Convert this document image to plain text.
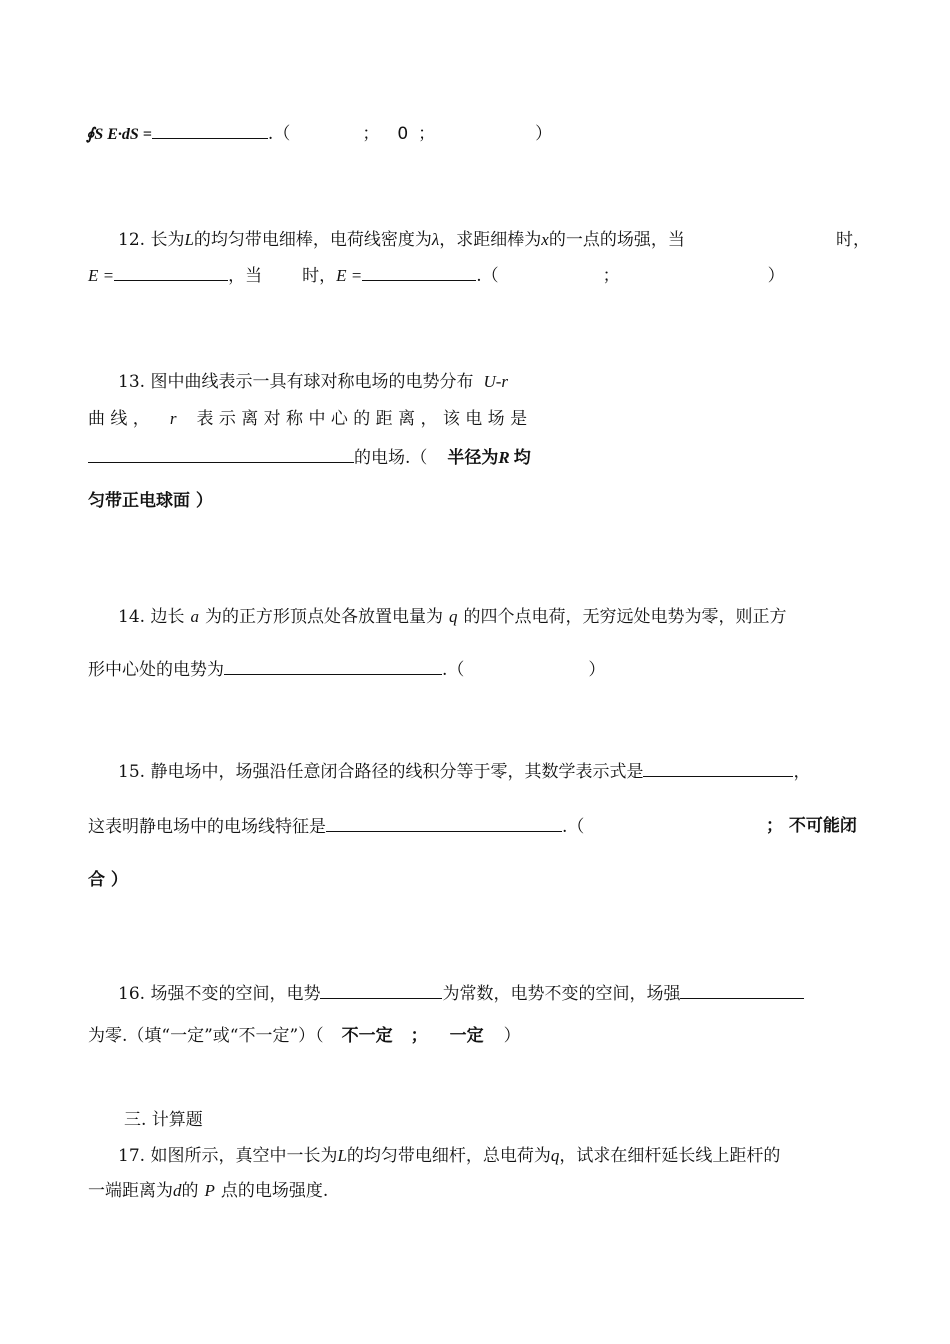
∮S E·dS =	.（	； 0 ；	）
12. 长为L的均匀带电细棒，电荷线密度为λ，求距细棒为x的一点的场强，当	时，
E =	，当 时，E =	.（	；	）
13. 图中曲线表示一具有球对称电场的电势分布 U-r
曲 线 ， r 表 示 离 对 称 中 心 的 距 离 ， 该 电 场 是
的电场.（ 半径为R 均
匀带正电球面 ）
14. 边长 a 为的正方形顶点处各放置电量为 q 的四个点电荷，无穷远处电势为零，则正方
形中心处的电势为	.（	）
15. 静电场中，场强沿任意闭合路径的线积分等于零，其数学表示式是	，
这表明静电场中的电场线特征是	.（	； 不可能闭
合 ）
16. 场强不变的空间，电势	为常数，电势不变的空间，场强
为零.（填“一定”或“不一定”）（ 不一定 ； 一定 ）
三. 计算题
17. 如图所示，真空中一长为L的均匀带电细杆，总电荷为q，试求在细杆延长线上距杆的
一端距离为d的 P 点的电场强度.
